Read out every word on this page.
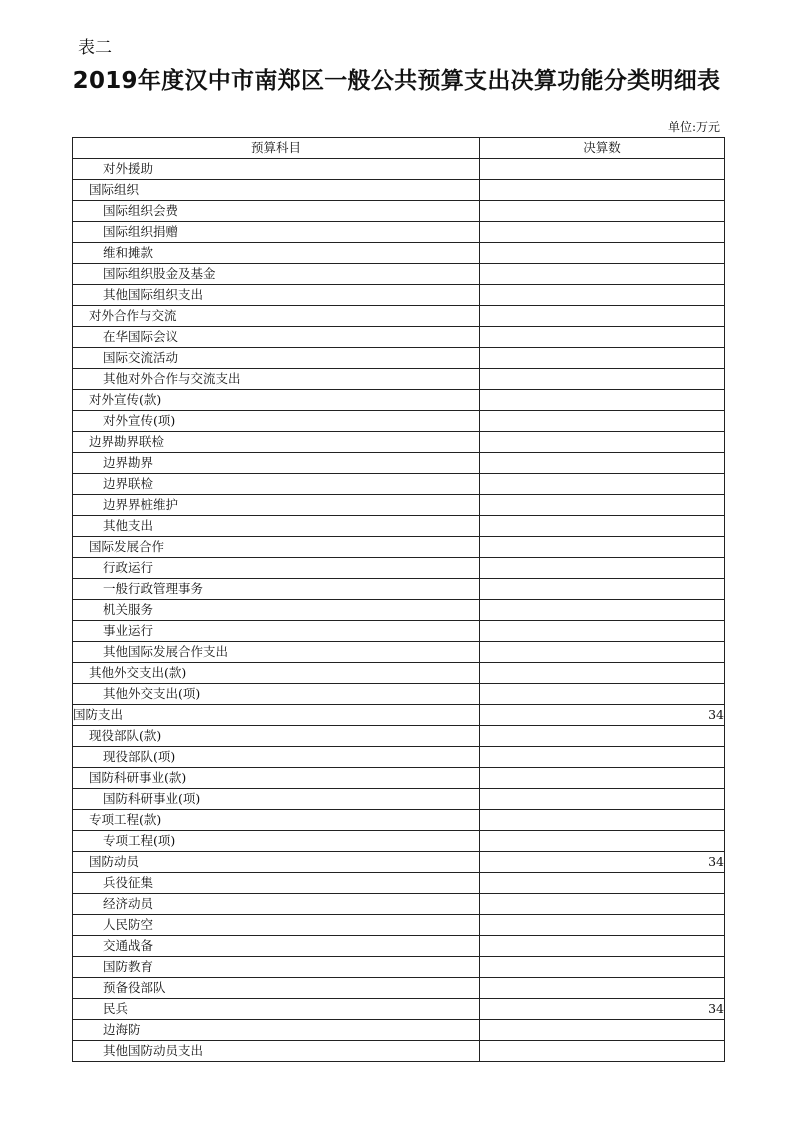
表二
2019年度汉中市南郑区一般公共预算支出决算功能分类明细表
单位:万元
预算科目	决算数
对外援助	
国际组织	
国际组织会费	
国际组织捐赠	
维和摊款	
国际组织股金及基金	
其他国际组织支出	
对外合作与交流	
在华国际会议	
国际交流活动	
其他对外合作与交流支出	
对外宣传(款)	
对外宣传(项)	
边界勘界联检	
边界勘界	
边界联检	
边界界桩维护	
其他支出	
国际发展合作	
行政运行	
一般行政管理事务	
机关服务	
事业运行	
其他国际发展合作支出	
其他外交支出(款)	
其他外交支出(项)	
国防支出	34
现役部队(款)	
现役部队(项)	
国防科研事业(款)	
国防科研事业(项)	
专项工程(款)	
专项工程(项)	
国防动员	34
兵役征集	
经济动员	
人民防空	
交通战备	
国防教育	
预备役部队	
民兵	34
边海防	
其他国防动员支出	
